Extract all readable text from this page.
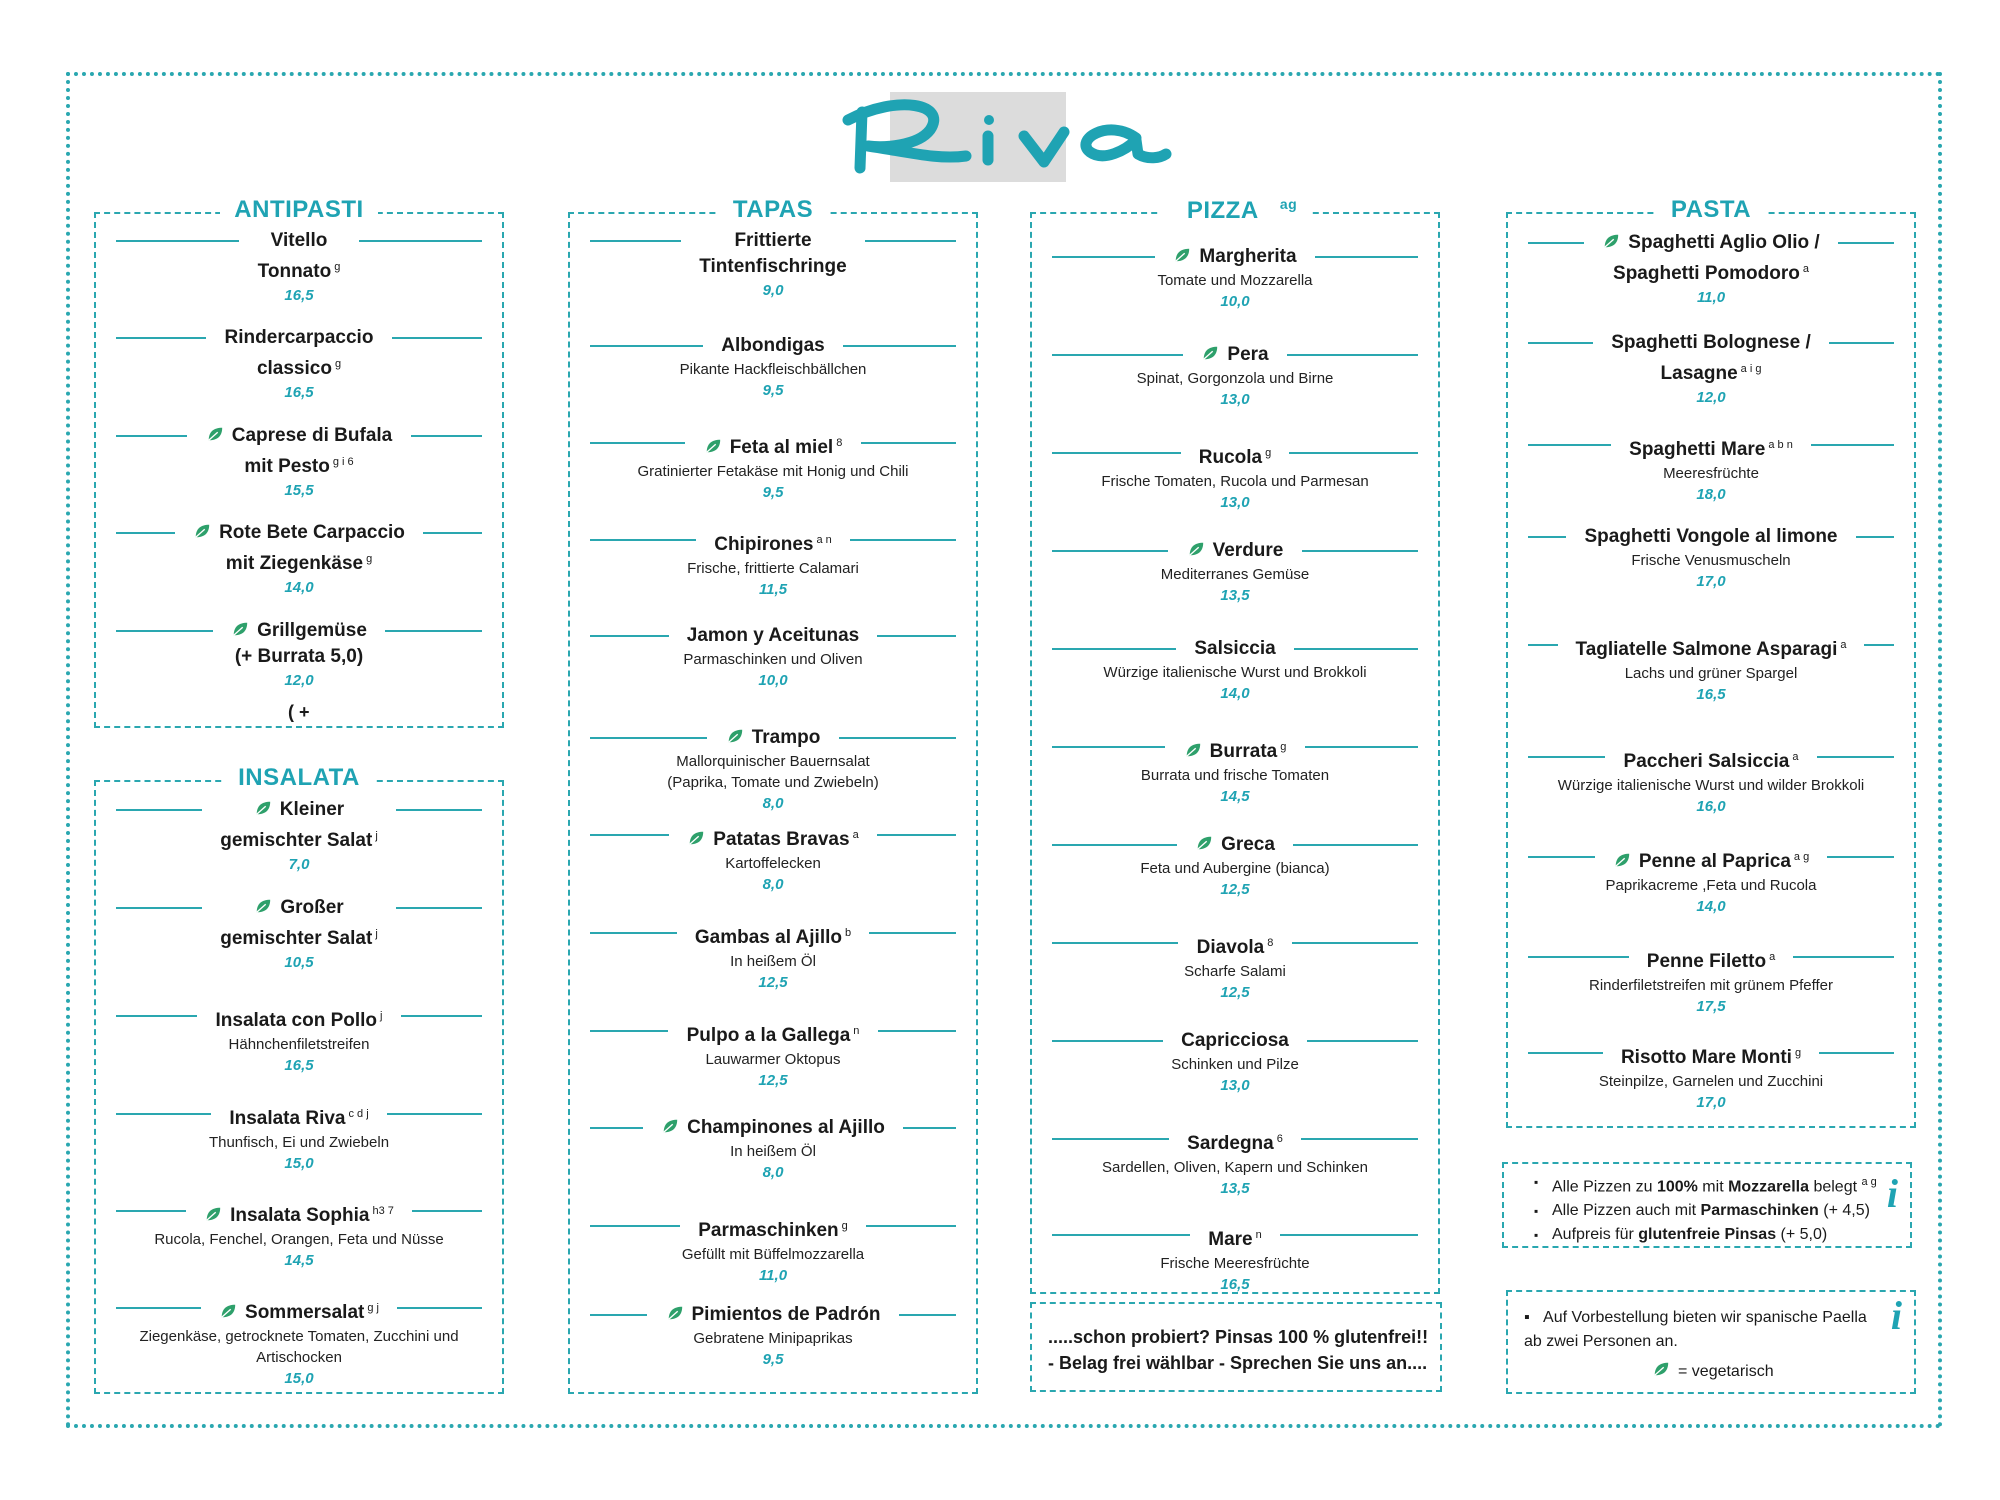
ANTIPASTI
( +
INSALATA
TAPAS	PIZZA $^{ag}$	PASTA
▪ Alle Pizzen zu 100% mit Mozzarella belegt $^{a g}$
▪ Alle Pizzen auch mit Parmaschinken (+ 4,5)
▪ Aufpreis für glutenfreie Pinsas (+ 5,0)
i
.....schon probiert? Pinsas 100 % glutenfrei!!
- Belag frei wählbar - Sprechen Sie uns an....
▪   Auf Vorbestellung bieten wir spanische Paella
ab zwei Personen an.
= vegetarisch
i
Vitello
Tonnato $^g$
16,5
Rindercarpaccio
classico $^g$
16,5
Caprese di Bufala
mit Pesto $^{g i 6}$
15,5
Rote Bete Carpaccio
mit Ziegenkäse $^g$
14,0
Grillgemüse
(+ Burrata 5,0)
12,0
Kleiner
gemischter Salat $^j$
7,0
Großer
gemischter Salat $^j$
10,5
Insalata con Pollo $^j$
Hähnchenfiletstreifen
16,5
Insalata Riva $^{c d j}$
Thunfisch, Ei und Zwiebeln
15,0
Insalata Sophia $^{h3 7}$
Rucola, Fenchel, Orangen, Feta und Nüsse
14,5
Sommersalat $^{g j}$
Ziegenkäse, getrocknete Tomaten, Zucchini und
Artischocken
15,0
Frittierte
Tintenfischringe
9,0
Albondigas
Pikante Hackfleischbällchen
9,5
Feta al miel $^8$
Gratinierter Fetakäse mit Honig und Chili
9,5
Chipirones $^{a n}$
Frische, frittierte Calamari
11,5
Jamon y Aceitunas
Parmaschinken und Oliven
10,0
Trampo
Mallorquinischer Bauernsalat
(Paprika, Tomate und Zwiebeln)
8,0
Patatas Bravas $^a$
Kartoffelecken
8,0
Gambas al Ajillo $^b$
In heißem Öl
12,5
Pulpo a la Gallega $^n$
Lauwarmer Oktopus
12,5
Champinones al Ajillo
In heißem Öl
8,0
Parmaschinken $^g$
Gefüllt mit Büffelmozzarella
11,0
Pimientos de Padrón
Gebratene Minipaprikas
9,5
Margherita
Tomate und Mozzarella
10,0
Pera
Spinat, Gorgonzola und Birne
13,0
Rucola $^g$
Frische Tomaten, Rucola und Parmesan
13,0
Verdure
Mediterranes Gemüse
13,5
Salsiccia
Würzige italienische Wurst und Brokkoli
14,0
Burrata $^g$
Burrata und frische Tomaten
14,5
Greca
Feta und Aubergine (bianca)
12,5
Diavola $^8$
Scharfe Salami
12,5
Capricciosa
Schinken und Pilze
13,0
Sardegna $^6$
Sardellen, Oliven, Kapern und Schinken
13,5
Mare $^n$
Frische Meeresfrüchte
16,5
Spaghetti Aglio Olio /
Spaghetti Pomodoro $^a$
11,0
Spaghetti Bolognese /
Lasagne $^{a i g}$
12,0
Spaghetti Mare $^{a b n}$
Meeresfrüchte
18,0
Spaghetti Vongole al limone
Frische Venusmuscheln
17,0
Tagliatelle Salmone Asparagi $^a$
Lachs und grüner Spargel
16,5
Paccheri Salsiccia $^a$
Würzige italienische Wurst und wilder Brokkoli
16,0
Penne al Paprica $^{a g}$
Paprikacreme ,Feta und Rucola
14,0
Penne Filetto $^a$
Rinderfiletstreifen mit grünem Pfeffer
17,5
Risotto Mare Monti $^g$
Steinpilze, Garnelen und Zucchini
17,0
